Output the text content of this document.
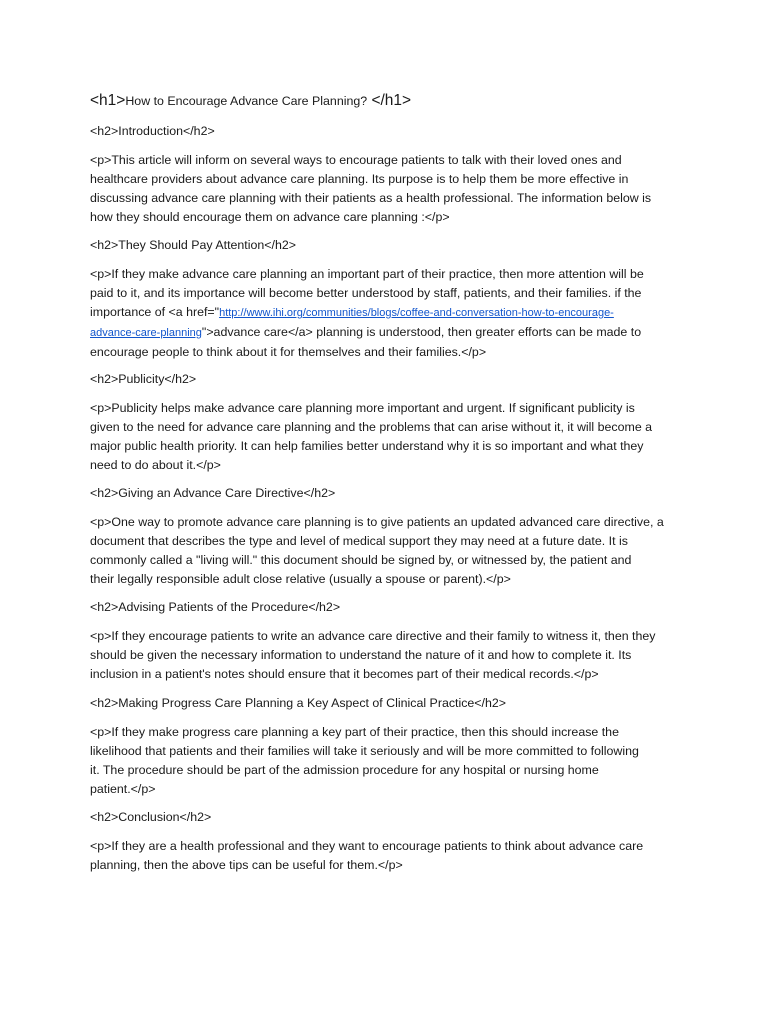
<h1>How to Encourage Advance Care Planning? </h1>
<h2>Introduction</h2>
<p>This article will inform on several ways to encourage patients to talk with their loved ones and
healthcare providers about advance care planning. Its purpose is to help them be more effective in
discussing advance care planning with their patients as a health professional. The information below is
how they should encourage them on advance care planning :</p>
<h2>They Should Pay Attention</h2>
<p>If they make advance care planning an important part of their practice, then more attention will be
paid to it, and its importance will become better understood by staff, patients, and their families. if the
importance of <a href="http://www.ihi.org/communities/blogs/coffee-and-conversation-how-to-encourage-
advance-care-planning">advance care</a> planning is understood, then greater efforts can be made to
encourage people to think about it for themselves and their families.</p>
<h2>Publicity</h2>
<p>Publicity helps make advance care planning more important and urgent. If significant publicity is
given to the need for advance care planning and the problems that can arise without it, it will become a
major public health priority. It can help families better understand why it is so important and what they
need to do about it.</p>
<h2>Giving an Advance Care Directive</h2>
<p>One way to promote advance care planning is to give patients an updated advanced care directive, a
document that describes the type and level of medical support they may need at a future date. It is
commonly called a "living will." this document should be signed by, or witnessed by, the patient and
their legally responsible adult close relative (usually a spouse or parent).</p>
<h2>Advising Patients of the Procedure</h2>
<p>If they encourage patients to write an advance care directive and their family to witness it, then they
should be given the necessary information to understand the nature of it and how to complete it. Its
inclusion in a patient's notes should ensure that it becomes part of their medical records.</p>
<h2>Making Progress Care Planning a Key Aspect of Clinical Practice</h2>
<p>If they make progress care planning a key part of their practice, then this should increase the
likelihood that patients and their families will take it seriously and will be more committed to following
it. The procedure should be part of the admission procedure for any hospital or nursing home
patient.</p>
<h2>Conclusion</h2>
<p>If they are a health professional and they want to encourage patients to think about advance care
planning, then the above tips can be useful for them.</p>
